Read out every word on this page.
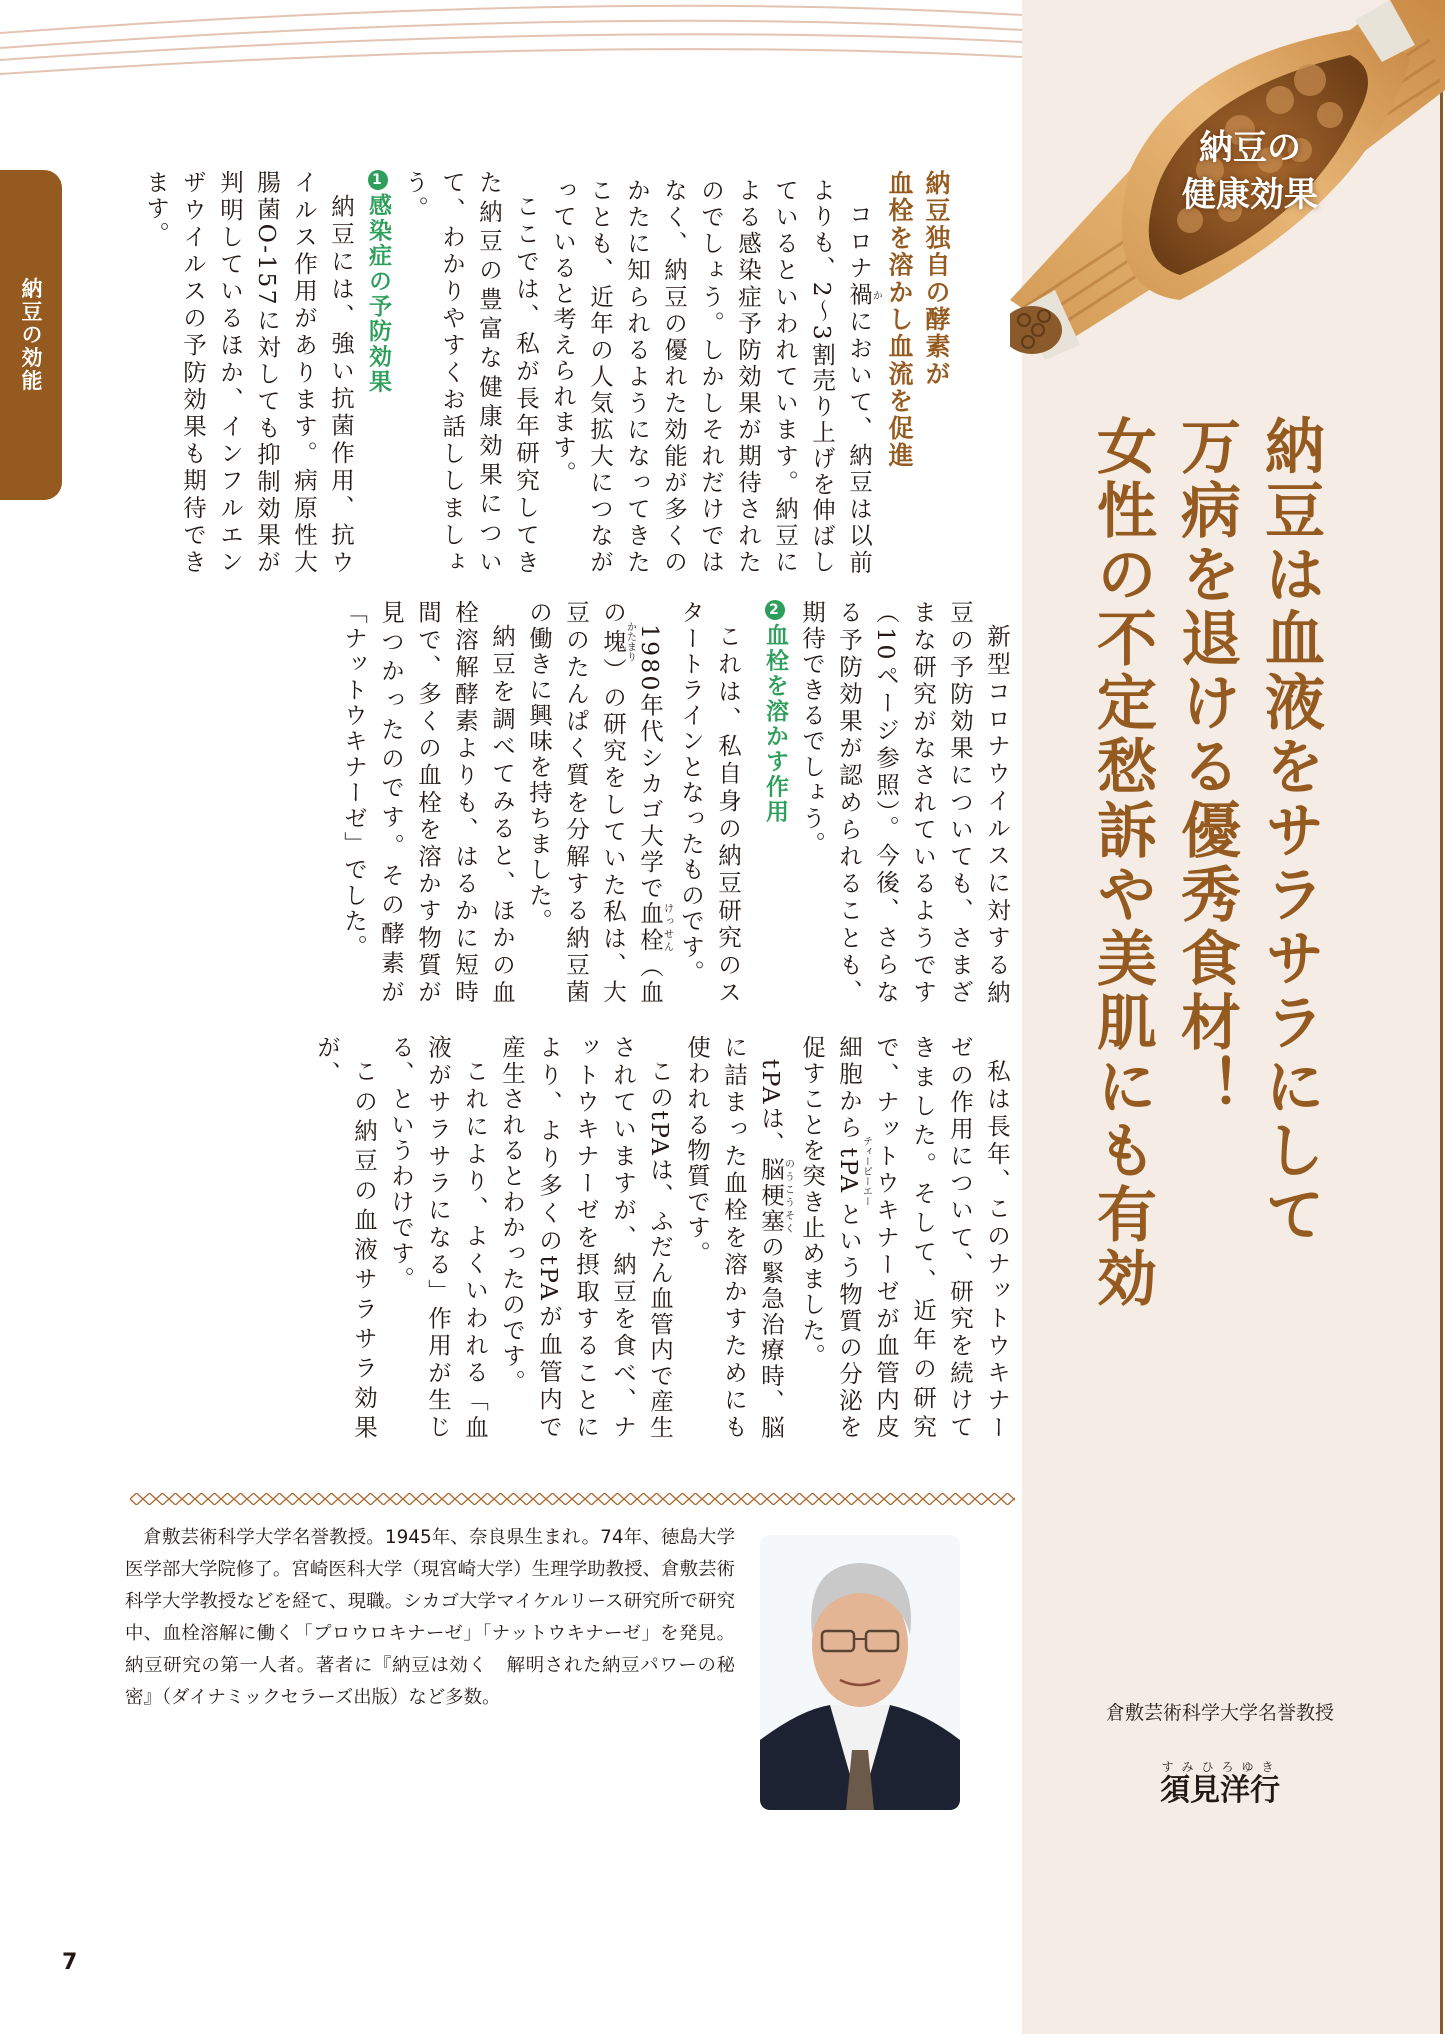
納豆の効能
納豆の
健康効果
納豆は血液をサラサラにして
万病を退ける優秀食材！
女性の不定愁訴や美肌にも有効

納豆独自の酵素が

血栓を溶かし血流を促進

コロナ禍かにおいて、納豆は以前よりも、2～3割売り上げを伸ばしているといわれています。納豆による感染症予防効果が期待されたのでしょう。しかしそれだけではなく、納豆の優れた効能が多くのかたに知られるようになってきたことも、近年の人気拡大につながっていると考えられます。

ここでは、私が長年研究してきた納豆の豊富な健康効果について、わかりやすくお話ししましょう。

1感染症の予防効果

納豆には、強い抗菌作用、抗ウイルス作用があります。病原性大腸菌O‐157に対しても抑制効果が判明しているほか、インフルエンザウイルスの予防効果も期待できます。

新型コロナウイルスに対する納豆の予防効果についても、さまざまな研究がなされているようです（10ページ参照）。今後、さらなる予防効果が認められることも、期待できるでしょう。

2血栓を溶かす作用

これは、私自身の納豆研究のスタートラインとなったものです。

1980年代シカゴ大学で血栓けっせん（血の塊かたまり）の研究をしていた私は、大豆のたんぱく質を分解する納豆菌の働きに興味を持ちました。

納豆を調べてみると、ほかの血栓溶解酵素よりも、はるかに短時間で、多くの血栓を溶かす物質が見つかったのです。その酵素が「ナットウキナーゼ」でした。

私は長年、このナットウキナーゼの作用について、研究を続けてきました。そして、近年の研究で、ナットウキナーゼが血管内皮細胞からtPAティーピーエーという物質の分泌を促すことを突き止めました。

tPAは、脳梗塞のうこうそくの緊急治療時、脳に詰まった血栓を溶かすためにも使われる物質です。

このtPAは、ふだん血管内で産生されていますが、納豆を食べ、ナットウキナーゼを摂取することにより、より多くのtPAが血管内で産生されるとわかったのです。

これにより、よくいわれる「血液がサラサラになる」作用が生じる、というわけです。

この納豆の血液サラサラ効果が、

倉敷芸術科学大学名誉教授。1945年、奈良県生まれ。74年、徳島大学医学部大学院修了。宮崎医科大学（現宮崎大学）生理学助教授、倉敷芸術科学大学教授などを経て、現職。シカゴ大学マイケルリース研究所で研究中、血栓溶解に働く「プロウロキナーゼ」「ナットウキナーゼ」を発見。納豆研究の第一人者。著者に『納豆は効く　解明された納豆パワーの秘密』（ダイナミックセラーズ出版）など多数。
倉敷芸術科学大学名誉教授
須見洋行すみひろゆき
7
